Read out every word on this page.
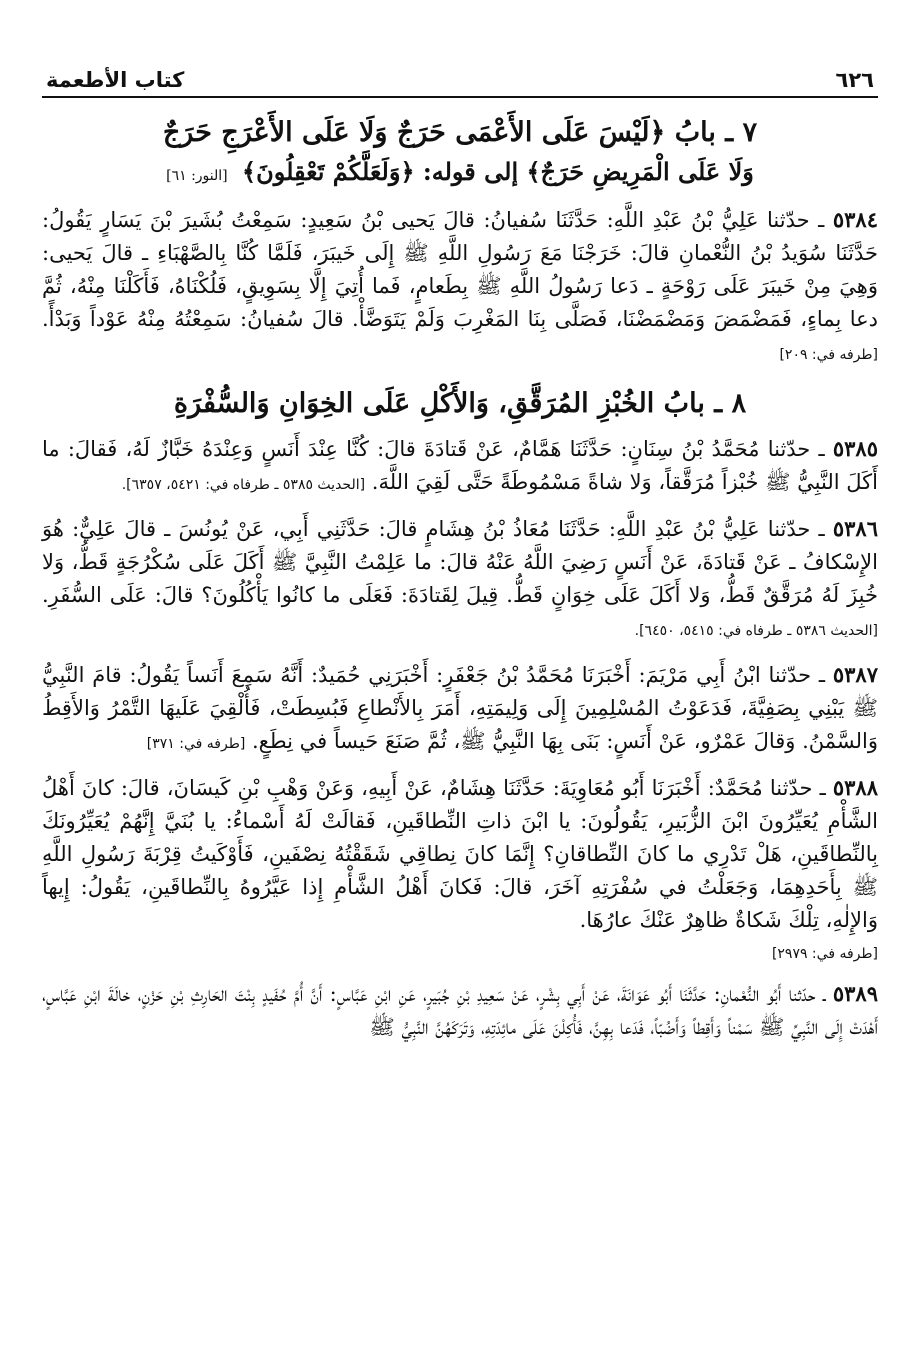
٦٢٦
كتاب الأطعمة
٧ ـ بابُ ﴿لَيْسَ عَلَى الأَعْمَى حَرَجٌ وَلَا عَلَى الأَعْرَجِ حَرَجٌ
وَلَا عَلَى الْمَرِيضِ حَرَجٌ﴾ إلى قوله: ﴿وَلَعَلَّكُمْ تَعْقِلُونَ﴾ [النور: ٦١]

٥٣٨٤ ـ حدّثنا عَلِيُّ بْنُ عَبْدِ اللَّهِ: حَدَّثَنَا سُفيانُ: قالَ يَحيى بْنُ سَعِيدٍ: سَمِعْتُ بُشَيرَ بْنَ يَسَارٍ يَقُولُ: حَدَّثَنَا سُوَيدُ بْنُ النُّعْمانِ قالَ: خَرَجْنَا مَعَ رَسُولِ اللَّهِ ﷺ إِلَى خَيبَرَ، فَلَمَّا كُنَّا بِالصَّهْبَاءِ ـ قالَ يَحيى: وَهِيَ مِنْ خَيبَرَ عَلَى رَوْحَةٍ ـ دَعا رَسُولُ اللَّهِ ﷺ بِطَعامٍ، فَما أُتِيَ إِلَّا بِسَوِيقٍ، فَلُكْنَاهُ، فَأَكَلْنَا مِنْهُ، ثُمَّ دعا بِماءٍ، فَمَضْمَضَ وَمَضْمَضْنَا، فَصَلَّى بِنَا المَغْرِبَ وَلَمْ يَتَوَضَّأْ. قالَ سُفيانُ: سَمِعْتُهُ مِنْهُ عَوْداً وَبَدْأً. [طرفه في: ٢٠٩]

٨ ـ بابُ الخُبْزِ المُرَقَّقِ، وَالأَكْلِ عَلَى الخِوَانِ وَالسُّفْرَةِ

٥٣٨٥ ـ حدّثنا مُحَمَّدُ بْنُ سِنَانٍ: حَدَّثَنَا هَمَّامٌ، عَنْ قَتادَةَ قالَ: كُنَّا عِنْدَ أَنَسٍ وَعِنْدَهُ خَبَّازٌ لَهُ، فَقالَ: ما أَكَلَ النَّبِيُّ ﷺ خُبْزاً مُرَقَّقاً، وَلا شاةً مَسْمُوطَةً حَتَّى لَقِيَ اللَّهَ. [الحديث ٥٣٨٥ ـ طرفاه في: ٥٤٢١، ٦٣٥٧].

٥٣٨٦ ـ حدّثنا عَلِيُّ بْنُ عَبْدِ اللَّهِ: حَدَّثَنَا مُعَاذُ بْنُ هِشَامٍ قالَ: حَدَّثَنِي أَبِي، عَنْ يُونُسَ ـ قالَ عَلِيٌّ: هُوَ الإِسْكافُ ـ عَنْ قَتادَةَ، عَنْ أَنَسٍ رَضِيَ اللَّهُ عَنْهُ قالَ: ما عَلِمْتُ النَّبِيَّ ﷺ أَكَلَ عَلَى سُكْرُجَةٍ قَطُّ، وَلا خُبِزَ لَهُ مُرَقَّقٌ قَطُّ، وَلا أَكَلَ عَلَى خِوَانٍ قَطُّ. قِيلَ لِقَتادَةَ: فَعَلَى ما كانُوا يَأْكُلُونَ؟ قالَ: عَلَى السُّفَرِ. [الحديث ٥٣٨٦ ـ طرفاه في: ٥٤١٥، ٦٤٥٠].

٥٣٨٧ ـ حدّثنا ابْنُ أَبِي مَرْيَمَ: أَخْبَرَنَا مُحَمَّدُ بْنُ جَعْفَرٍ: أَخْبَرَنِي حُمَيدٌ: أَنَّهُ سَمِعَ أَنَساً يَقُولُ: قامَ النَّبِيُّ ﷺ يَبْنِي بِصَفِيَّةَ، فَدَعَوْتُ المُسْلِمِينَ إِلَى وَلِيمَتِهِ، أَمَرَ بِالأَنْطاعِ فَبُسِطَتْ، فَأُلْقِيَ عَلَيهَا التَّمْرُ وَالأَقِطُ وَالسَّمْنُ. وَقالَ عَمْرٌو، عَنْ أَنَسٍ: بَنَى بِهَا النَّبِيُّ ﷺ، ثُمَّ صَنَعَ حَيساً في نِطَعٍ. [طرفه في: ٣٧١]

٥٣٨٨ ـ حدّثنا مُحَمَّدٌ: أَخْبَرَنَا أَبُو مُعَاوِيَةَ: حَدَّثَنَا هِشَامٌ، عَنْ أَبِيهِ، وَعَنْ وَهْبِ بْنِ كَيسَانَ، قالَ: كانَ أَهْلُ الشَّأْمِ يُعَيِّرُونَ ابْنَ الزُّبَيرِ، يَقُولُونَ: يا ابْنَ ذاتِ النِّطاقَينِ، فَقالَتْ لَهُ أَسْماءُ: يا بُنَيَّ إِنَّهُمْ يُعَيِّرُونَكَ بِالنِّطاقَينِ، هَلْ تَدْرِي ما كانَ النِّطاقانِ؟ إِنَّمَا كانَ نِطاقِي شَقَقْتُهُ نِصْفَينِ، فَأَوْكَيتُ قِرْبَةَ رَسُولِ اللَّهِ ﷺ بِأَحَدِهِمَا، وَجَعَلْتُ في سُفْرَتِهِ آخَرَ، قالَ: فَكانَ أَهْلُ الشَّأْمِ إِذا عَيَّرُوهُ بِالنِّطاقَينِ، يَقُولُ: إِيهاً وَالإِلٰهِ، تِلْكَ شَكاةٌ ظاهِرٌ عَنْكَ عارُهَا.

[طرفه في: ٢٩٧٩]

٥٣٨٩ ـ حدّثنا أَبُو النُّعْمانِ: حَدَّثَنَا أَبُو عَوَانَةَ، عَنْ أَبِي بِشْرٍ، عَنْ سَعِيدِ بْنِ جُبَيرٍ، عَنِ ابْنِ عَبَّاسٍ: أَنَّ أُمَّ حُفَيدٍ بِنْتَ الحَارِثِ بْنِ حَزْنٍ، خالَةَ ابْنِ عَبَّاسٍ، أَهْدَتْ إِلَى النَّبِيِّ ﷺ سَمْناً وَأَقِطاً وَأَضُبّاً، فَدَعا بِهِنَّ، فَأُكِلْنَ عَلَى مائِدَتِهِ، وَتَرَكَهُنَّ النَّبِيُّ ﷺ
